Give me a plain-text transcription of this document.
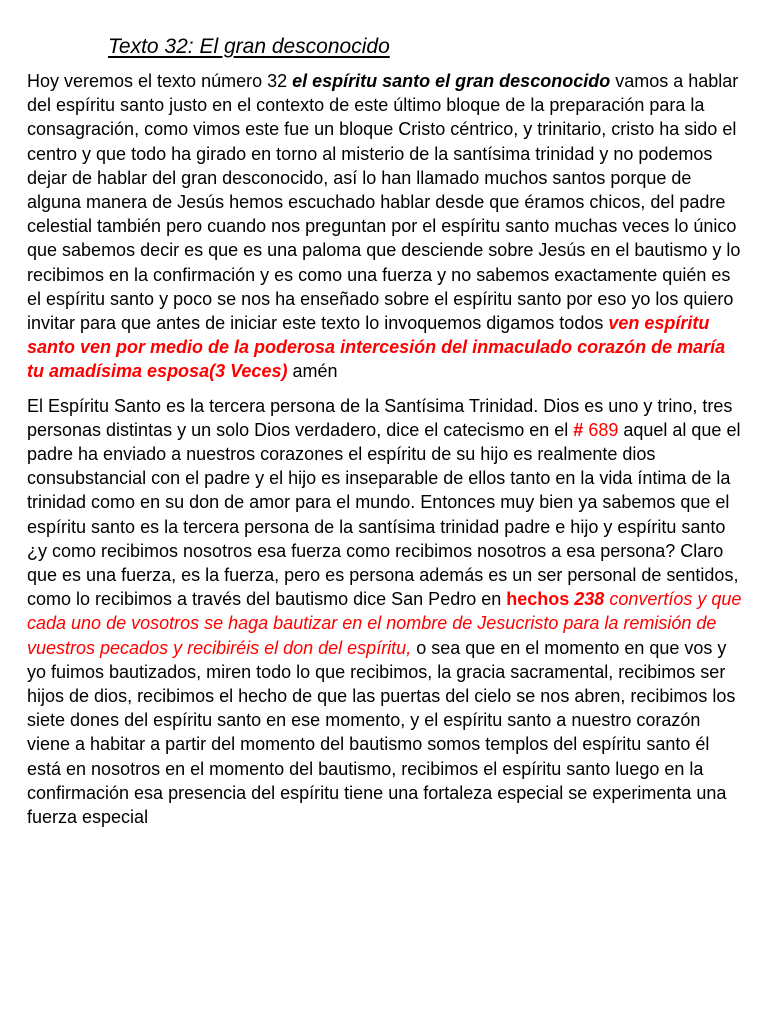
Texto 32: El gran desconocido

Hoy veremos el texto número 32 el espíritu santo el gran desconocido vamos a hablar del espíritu santo justo en el contexto de este último bloque de la preparación para la consagración, como vimos este fue un bloque Cristo céntrico, y trinitario, cristo ha sido el centro y que todo ha girado en torno al misterio de la santísima trinidad y no podemos dejar de hablar del gran desconocido, así lo han llamado muchos santos porque de alguna manera de Jesús hemos escuchado hablar desde que éramos chicos, del padre celestial también pero cuando nos preguntan por el espíritu santo muchas veces lo único que sabemos decir es que es una paloma que desciende sobre Jesús en el bautismo y lo recibimos en la confirmación y es como una fuerza y no sabemos exactamente quién es el espíritu santo y poco se nos ha enseñado sobre el espíritu santo por eso yo los quiero invitar para que antes de iniciar este texto lo invoquemos digamos todos ven espíritu santo ven por medio de la poderosa intercesión del inmaculado corazón de maría tu amadísima esposa(3 Veces) amén

El Espíritu Santo es la tercera persona de la Santísima Trinidad. Dios es uno y trino, tres personas distintas y un solo Dios verdadero, dice el catecismo en el # 689 aquel al que el padre ha enviado a nuestros corazones el espíritu de su hijo es realmente dios consubstancial con el padre y el hijo es inseparable de ellos tanto en la vida íntima de la trinidad como en su don de amor para el mundo. Entonces muy bien ya sabemos que el espíritu santo es la tercera persona de la santísima trinidad padre e hijo y espíritu santo ¿y como recibimos nosotros esa fuerza como recibimos nosotros a esa persona? Claro que es una fuerza, es la fuerza, pero es persona además es un ser personal de sentidos, como lo recibimos a través del bautismo dice San Pedro en hechos 238 convertíos y que cada uno de vosotros se haga bautizar en el nombre de Jesucristo para la remisión de vuestros pecados y recibiréis el don del espíritu, o sea que en el momento en que vos y yo fuimos bautizados, miren todo lo que recibimos, la gracia sacramental, recibimos ser hijos de dios, recibimos el hecho de que las puertas del cielo se nos abren, recibimos los siete dones del espíritu santo en ese momento, y el espíritu santo a nuestro corazón viene a habitar a partir del momento del bautismo somos templos del espíritu santo él está en nosotros en el momento del bautismo, recibimos el espíritu santo luego en la confirmación esa presencia del espíritu tiene una fortaleza especial se experimenta una fuerza especial
